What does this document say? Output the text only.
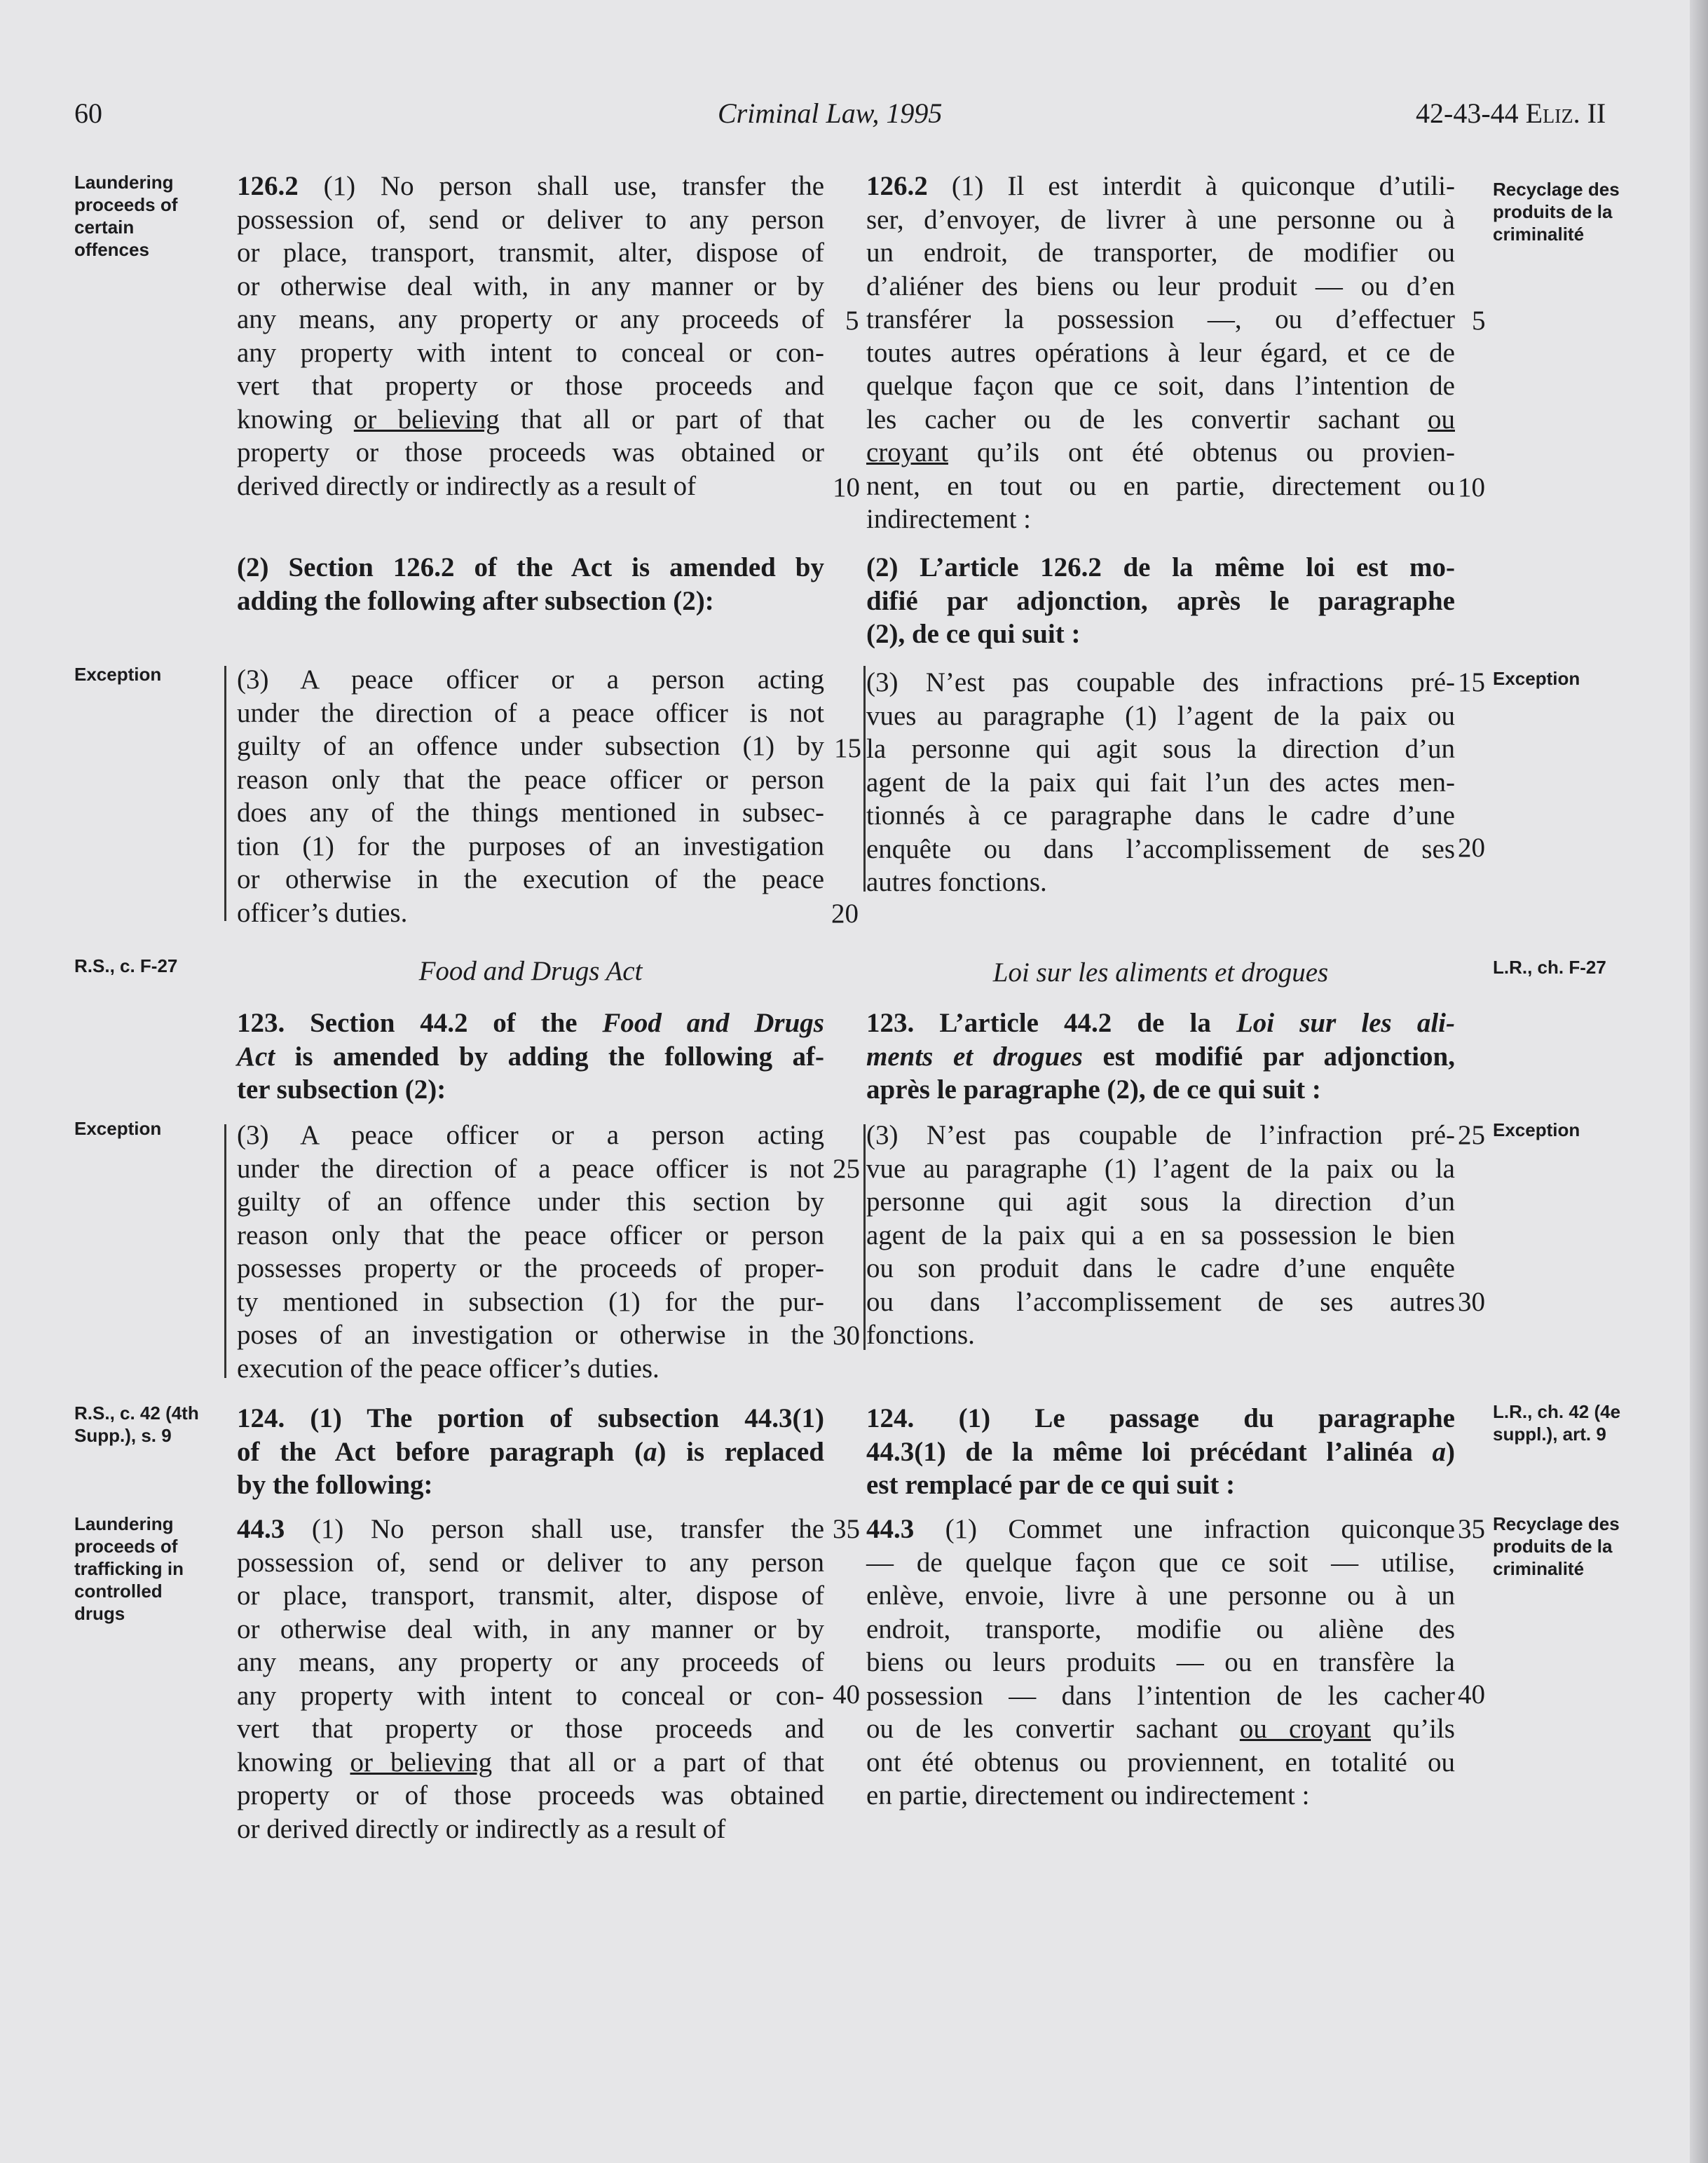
60	Criminal Law, 1995	42-43-44 Eliz. II
Laundering
proceeds of
certain
offences
Exception
R.S., c. F-27
Exception
R.S., c. 42 (4th
Supp.), s. 9
Laundering
proceeds of
trafficking in
controlled
drugs
Recyclage des
produits de la
criminalité
Exception
L.R., ch. F-27
Exception
L.R., ch. 42 (4e
suppl.), art. 9
Recyclage des
produits de la
criminalité
5
10
15
20
25
30
35
40
5
10
15
20
25
30
35
40
126.2 (1) No person shall use, transfer the
possession of, send or deliver to any person
or place, transport, transmit, alter, dispose of
or otherwise deal with, in any manner or by
any means, any property or any proceeds of
any property with intent to conceal or con-
vert that property or those proceeds and
knowing or believing that all or part of that
property or those proceeds was obtained or
derived directly or indirectly as a result of
(2) Section 126.2 of the Act is amended by
adding the following after subsection (2):
(3) A peace officer or a person acting
under the direction of a peace officer is not
guilty of an offence under subsection (1) by
reason only that the peace officer or person
does any of the things mentioned in subsec-
tion (1) for the purposes of an investigation
or otherwise in the execution of the peace
officer’s duties.
Food and Drugs Act
123. Section 44.2 of the Food and Drugs
Act is amended by adding the following af-
ter subsection (2):
(3) A peace officer or a person acting
under the direction of a peace officer is not
guilty of an offence under this section by
reason only that the peace officer or person
possesses property or the proceeds of proper-
ty mentioned in subsection (1) for the pur-
poses of an investigation or otherwise in the
execution of the peace officer’s duties.
124. (1) The portion of subsection 44.3(1)
of the Act before paragraph (a) is replaced
by the following:
44.3 (1) No person shall use, transfer the
possession of, send or deliver to any person
or place, transport, transmit, alter, dispose of
or otherwise deal with, in any manner or by
any means, any property or any proceeds of
any property with intent to conceal or con-
vert that property or those proceeds and
knowing or believing that all or a part of that
property or of those proceeds was obtained
or derived directly or indirectly as a result of
126.2 (1) Il est interdit à quiconque d’utili-
ser, d’envoyer, de livrer à une personne ou à
un endroit, de transporter, de modifier ou
d’aliéner des biens ou leur produit — ou d’en
transférer la possession —, ou d’effectuer
toutes autres opérations à leur égard, et ce de
quelque façon que ce soit, dans l’intention de
les cacher ou de les convertir sachant ou
croyant qu’ils ont été obtenus ou provien-
nent, en tout ou en partie, directement ou
indirectement :
(2) L’article 126.2 de la même loi est mo-
difié par adjonction, après le paragraphe
(2), de ce qui suit :
(3) N’est pas coupable des infractions pré-
vues au paragraphe (1) l’agent de la paix ou
la personne qui agit sous la direction d’un
agent de la paix qui fait l’un des actes men-
tionnés à ce paragraphe dans le cadre d’une
enquête ou dans l’accomplissement de ses
autres fonctions.
Loi sur les aliments et drogues
123. L’article 44.2 de la Loi sur les ali-
ments et drogues est modifié par adjonction,
après le paragraphe (2), de ce qui suit :
(3) N’est pas coupable de l’infraction pré-
vue au paragraphe (1) l’agent de la paix ou la
personne qui agit sous la direction d’un
agent de la paix qui a en sa possession le bien
ou son produit dans le cadre d’une enquête
ou dans l’accomplissement de ses autres
fonctions.
124. (1) Le passage du paragraphe
44.3(1) de la même loi précédant l’alinéa a)
est remplacé par de ce qui suit :
44.3 (1) Commet une infraction quiconque
— de quelque façon que ce soit — utilise,
enlève, envoie, livre à une personne ou à un
endroit, transporte, modifie ou aliène des
biens ou leurs produits — ou en transfère la
possession — dans l’intention de les cacher
ou de les convertir sachant ou croyant qu’ils
ont été obtenus ou proviennent, en totalité ou
en partie, directement ou indirectement :
